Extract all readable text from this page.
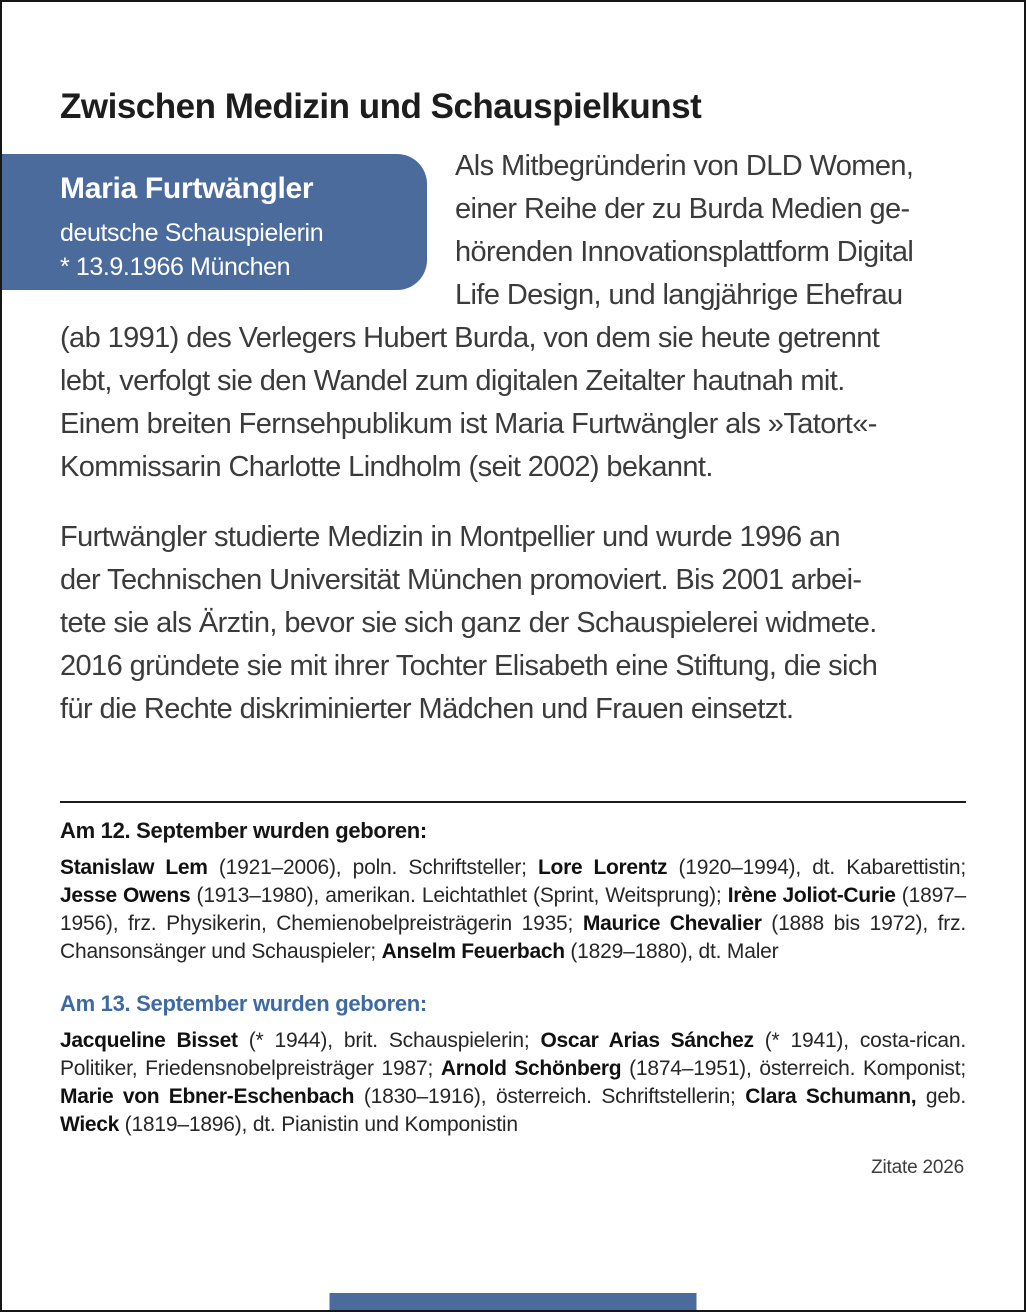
Zwischen Medizin und Schauspielkunst
Maria Furtwängler
deutsche Schauspielerin
* 13.9.1966 München
Als Mitbegründerin von DLD Women,
einer Reihe der zu Burda Medien ge-
hörenden Innovationsplattform Digital
Life Design, und langjährige Ehefrau
(ab 1991) des Verlegers Hubert Burda, von dem sie heute getrennt
lebt, verfolgt sie den Wandel zum digitalen Zeitalter hautnah mit.
Einem breiten Fernsehpublikum ist Maria Furtwängler als »Tatort«-
Kommissarin Charlotte Lindholm (seit 2002) bekannt.
Furtwängler studierte Medizin in Montpellier und wurde 1996 an
der Technischen Universität München promoviert. Bis 2001 arbei-
tete sie als Ärztin, bevor sie sich ganz der Schauspielerei widmete.
2016 gründete sie mit ihrer Tochter Elisabeth eine Stiftung, die sich
für die Rechte diskriminierter Mädchen und Frauen einsetzt.
Am 12. September wurden geboren:
Stanislaw Lem (1921–2006), poln. Schriftsteller; Lore Lorentz (1920–1994), dt. Kabarettistin; Jesse Owens (1913–1980), amerikan. Leichtathlet (Sprint, Weitsprung); Irène Joliot-Curie (1897–1956), frz. Physikerin, Chemienobelpreisträgerin 1935; Maurice Chevalier (1888 bis 1972), frz. Chansonsänger und Schauspieler; Anselm Feuerbach (1829–1880), dt. Maler
Am 13. September wurden geboren:
Jacqueline Bisset (* 1944), brit. Schauspielerin; Oscar Arias Sánchez (* 1941), costa-rican. Politiker, Friedensnobelpreisträger 1987; Arnold Schönberg (1874–1951), österreich. Komponist; Marie von Ebner-Eschenbach (1830–1916), österreich. Schriftstellerin; Clara Schumann, geb. Wieck (1819–1896), dt. Pianistin und Komponistin
Zitate 2026
